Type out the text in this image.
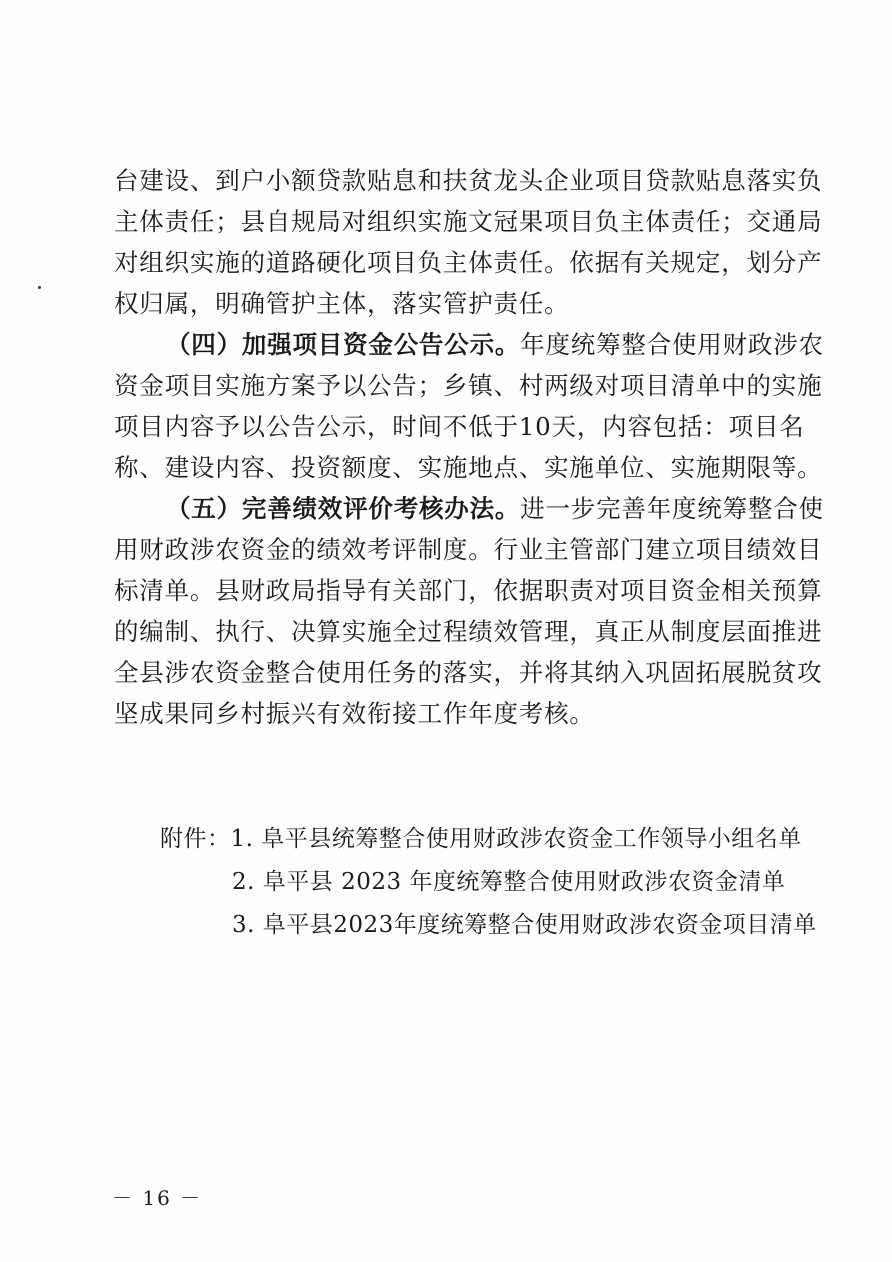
台建设、到户小额贷款贴息和扶贫龙头企业项目贷款贴息落实负
主体责任；县自规局对组织实施文冠果项目负主体责任；交通局
对组织实施的道路硬化项目负主体责任。依据有关规定，划分产
权归属，明确管护主体，落实管护责任。
（四）加强项目资金公告公示。年度统筹整合使用财政涉农
资金项目实施方案予以公告；乡镇、村两级对项目清单中的实施
项目内容予以公告公示，时间不低于10天，内容包括：项目名
称、建设内容、投资额度、实施地点、实施单位、实施期限等。
（五）完善绩效评价考核办法。进一步完善年度统筹整合使
用财政涉农资金的绩效考评制度。行业主管部门建立项目绩效目
标清单。县财政局指导有关部门，依据职责对项目资金相关预算
的编制、执行、决算实施全过程绩效管理，真正从制度层面推进
全县涉农资金整合使用任务的落实，并将其纳入巩固拓展脱贫攻
坚成果同乡村振兴有效衔接工作年度考核。
附件：1. 阜平县统筹整合使用财政涉农资金工作领导小组名单
2. 阜平县 2023 年度统筹整合使用财政涉农资金清单
3. 阜平县2023年度统筹整合使用财政涉农资金项目清单
－ 16 －
